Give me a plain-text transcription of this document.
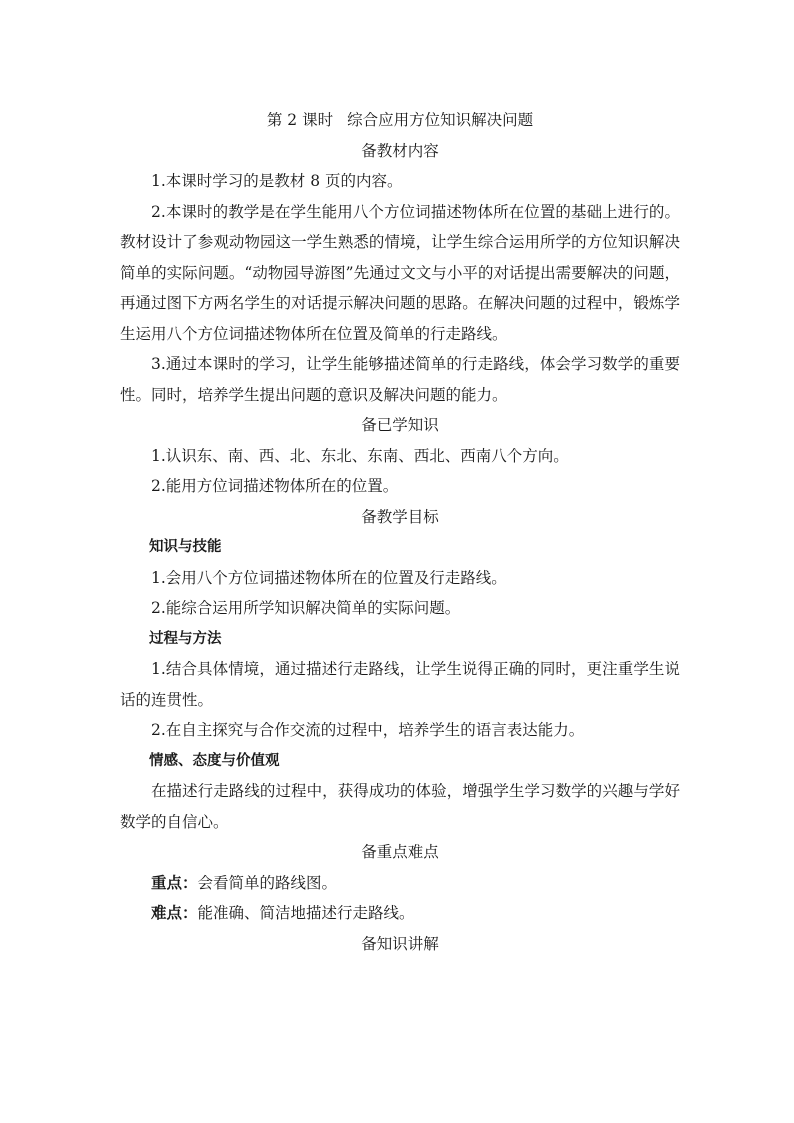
第 2 课时 综合应用方位知识解决问题
备教材内容

1.本课时学习的是教材 8 页的内容。

2.本课时的教学是在学生能用八个方位词描述物体所在位置的基础上进行的。教材设计了参观动物园这一学生熟悉的情境，让学生综合运用所学的方位知识解决简单的实际问题。“动物园导游图”先通过文文与小平的对话提出需要解决的问题，再通过图下方两名学生的对话提示解决问题的思路。在解决问题的过程中，锻炼学生运用八个方位词描述物体所在位置及简单的行走路线。

3.通过本课时的学习，让学生能够描述简单的行走路线，体会学习数学的重要性。同时，培养学生提出问题的意识及解决问题的能力。

备已学知识

1.认识东、南、西、北、东北、东南、西北、西南八个方向。

2.能用方位词描述物体所在的位置。

备教学目标
知识与技能

1.会用八个方位词描述物体所在的位置及行走路线。

2.能综合运用所学知识解决简单的实际问题。

过程与方法

1.结合具体情境，通过描述行走路线，让学生说得正确的同时，更注重学生说话的连贯性。

2.在自主探究与合作交流的过程中，培养学生的语言表达能力。

情感、态度与价值观

在描述行走路线的过程中，获得成功的体验，增强学生学习数学的兴趣与学好数学的自信心。

备重点难点

重点：会看简单的路线图。

难点：能准确、简洁地描述行走路线。

备知识讲解
